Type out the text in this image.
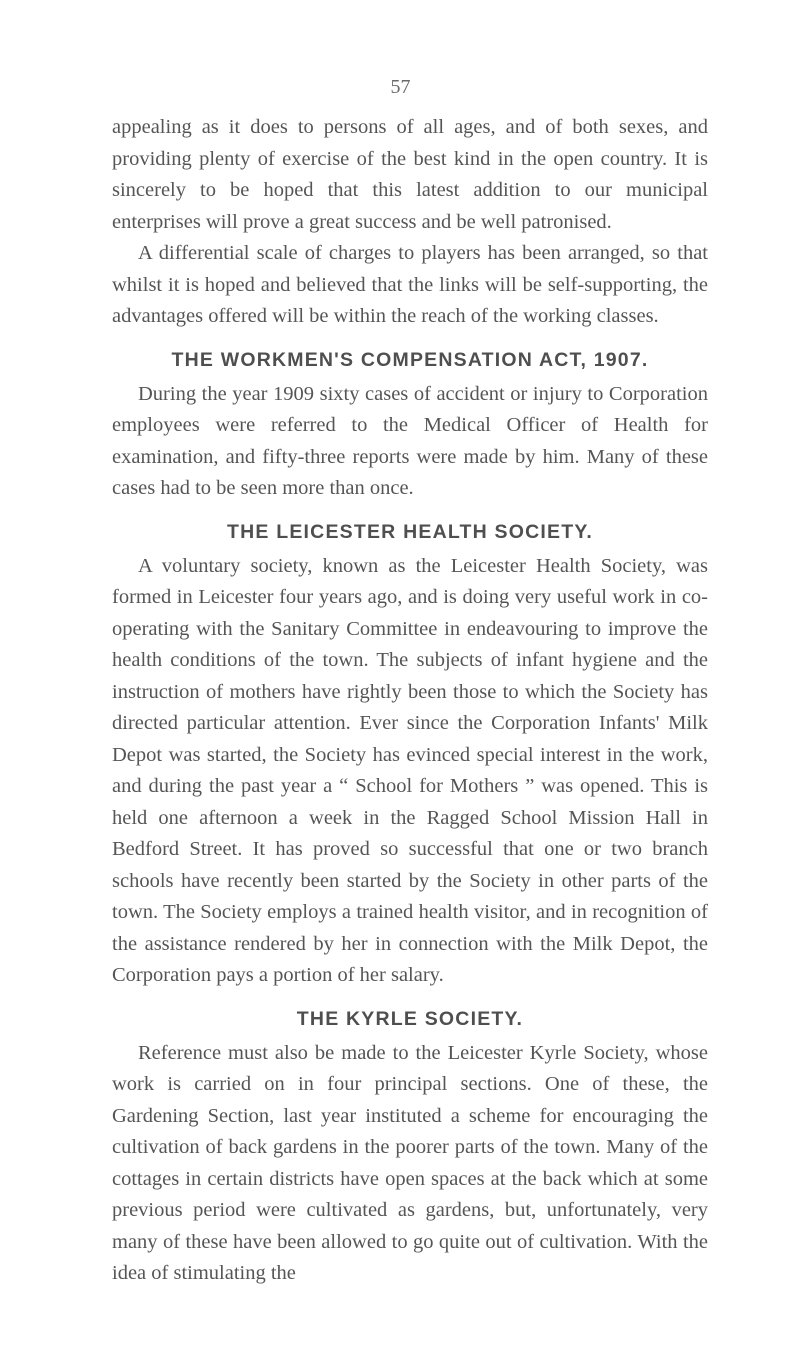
57

appealing as it does to persons of all ages, and of both sexes, and providing plenty of exercise of the best kind in the open country. It is sincerely to be hoped that this latest addition to our municipal enterprises will prove a great success and be well patronised.

A differential scale of charges to players has been arranged, so that whilst it is hoped and believed that the links will be self-supporting, the advantages offered will be within the reach of the working classes.

THE WORKMEN'S COMPENSATION ACT, 1907.

During the year 1909 sixty cases of accident or injury to Corporation employees were referred to the Medical Officer of Health for examination, and fifty-three reports were made by him. Many of these cases had to be seen more than once.

THE LEICESTER HEALTH SOCIETY.

A voluntary society, known as the Leicester Health Society, was formed in Leicester four years ago, and is doing very useful work in co-operating with the Sanitary Committee in endeavouring to improve the health conditions of the town. The subjects of infant hygiene and the instruction of mothers have rightly been those to which the Society has directed particular attention. Ever since the Corporation Infants' Milk Depot was started, the Society has evinced special interest in the work, and during the past year a “ School for Mothers ” was opened. This is held one afternoon a week in the Ragged School Mission Hall in Bedford Street. It has proved so successful that one or two branch schools have recently been started by the Society in other parts of the town. The Society employs a trained health visitor, and in recognition of the assistance rendered by her in connection with the Milk Depot, the Corporation pays a portion of her salary.

THE KYRLE SOCIETY.

Reference must also be made to the Leicester Kyrle Society, whose work is carried on in four principal sections. One of these, the Gardening Section, last year instituted a scheme for encouraging the cultivation of back gardens in the poorer parts of the town. Many of the cottages in certain districts have open spaces at the back which at some previous period were cultivated as gardens, but, unfortunately, very many of these have been allowed to go quite out of cultivation. With the idea of stimulating the
